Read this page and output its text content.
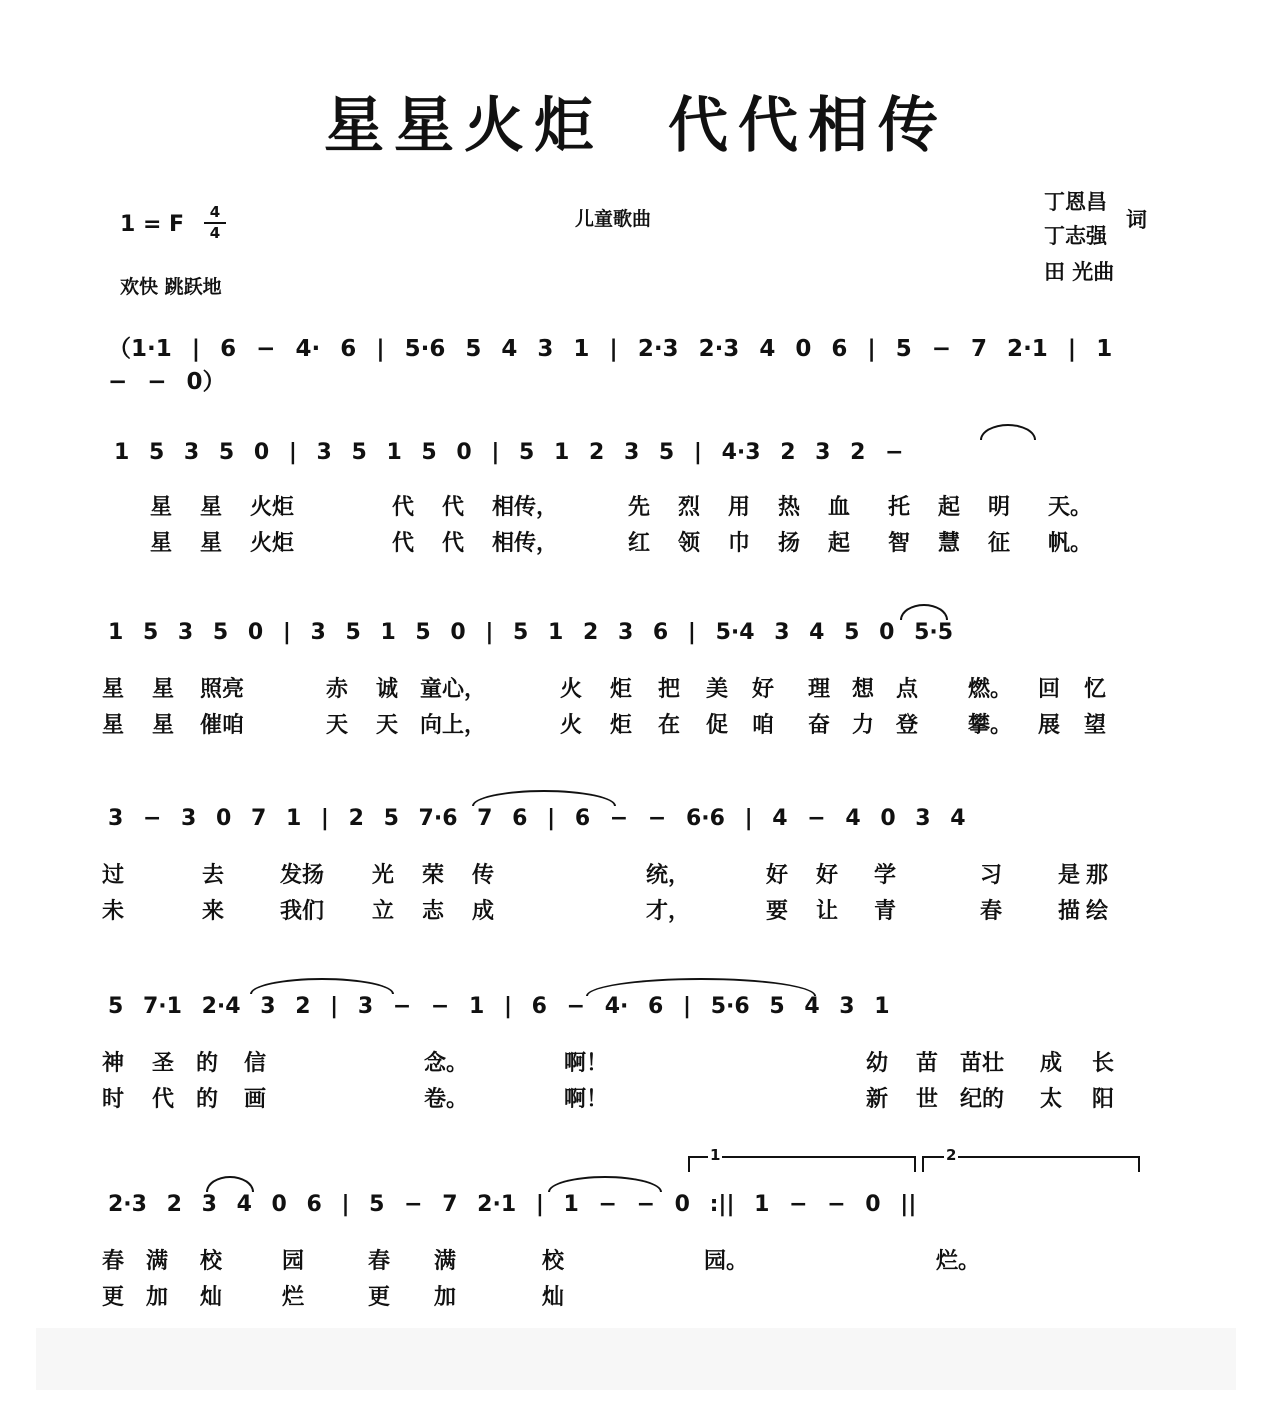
星星火炬 代代相传
1 = F	4
4
儿童歌曲
欢快 跳跃地
丁恩昌
丁志强
词
田 光曲
（1·1 | 6 − 4· 6 | 5·6 5 4 3 1 | 2·3 2·3 4 0 6 | 5 − 7 2·1 | 1 − − 0）
1 5 3 5 0 | 3 5 1 5 0 | 5 1 2 3 5 | 4·3 2 3 2 −
星 星 火炬	代 代 相传，	先 烈 用 热 血 托 起 明 天。
星 星 火炬	代 代 相传，	红 领 巾 扬 起 智 慧 征 帆。
1 5 3 5 0 | 3 5 1 5 0 | 5 1 2 3 6 | 5·4 3 4 5 0 5·5
星 星 照亮	赤 诚 童心，	火 炬 把 美 好 理 想 点 燃。 回 忆
星 星 催咱	天 天 向上，	火 炬 在 促 咱 奋 力 登 攀。 展 望
3 − 3 0 7 1 | 2 5 7·6 7 6 | 6 − − 6·6 | 4 − 4 0 3 4
过	去	发扬 光 荣 传	统，	好 好 学	习	是 那
未	来	我们 立 志 成	才，	要 让 青	春	描 绘
5 7·1 2·4 3 2 | 3 − − 1 | 6 − 4· 6 | 5·6 5 4 3 1
神 圣 的 信	念。	啊！	幼 苗 苗壮 成 长
时 代 的 画	卷。	啊！	新 世 纪的 太 阳
1	2
2·3 2 3 4 0 6 | 5 − 7 2·1 | 1 − − 0 :|| 1 − − 0 ||
春 满 校	园	春 满	校	园。	烂。
更 加 灿	烂	更 加	灿
